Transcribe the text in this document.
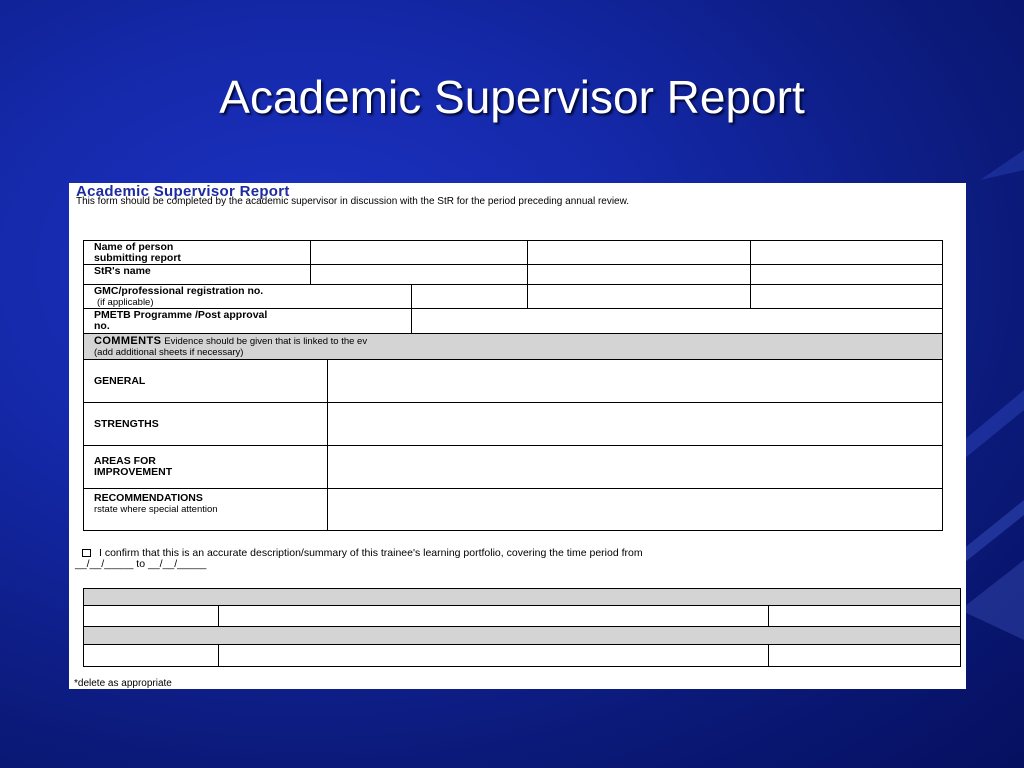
Academic Supervisor Report
Academic Supervisor Report
This form should be completed by the academic supervisor in discussion with the StR for the period preceding annual review.
Name of person
submitting report
StR's name
GMC/professional registration no.
(if applicable)
PMETB Programme /Post approval
no.
COMMENTS Evidence should be given that is linked to the ev
(add additional sheets if necessary)
GENERAL
STRENGTHS
AREAS FOR
IMPROVEMENT
RECOMMENDATIONS
rstate where special attention
I confirm that this is an accurate description/summary of this trainee's learning portfolio, covering the time period from
__/__/_____ to __/__/_____
*delete as appropriate
